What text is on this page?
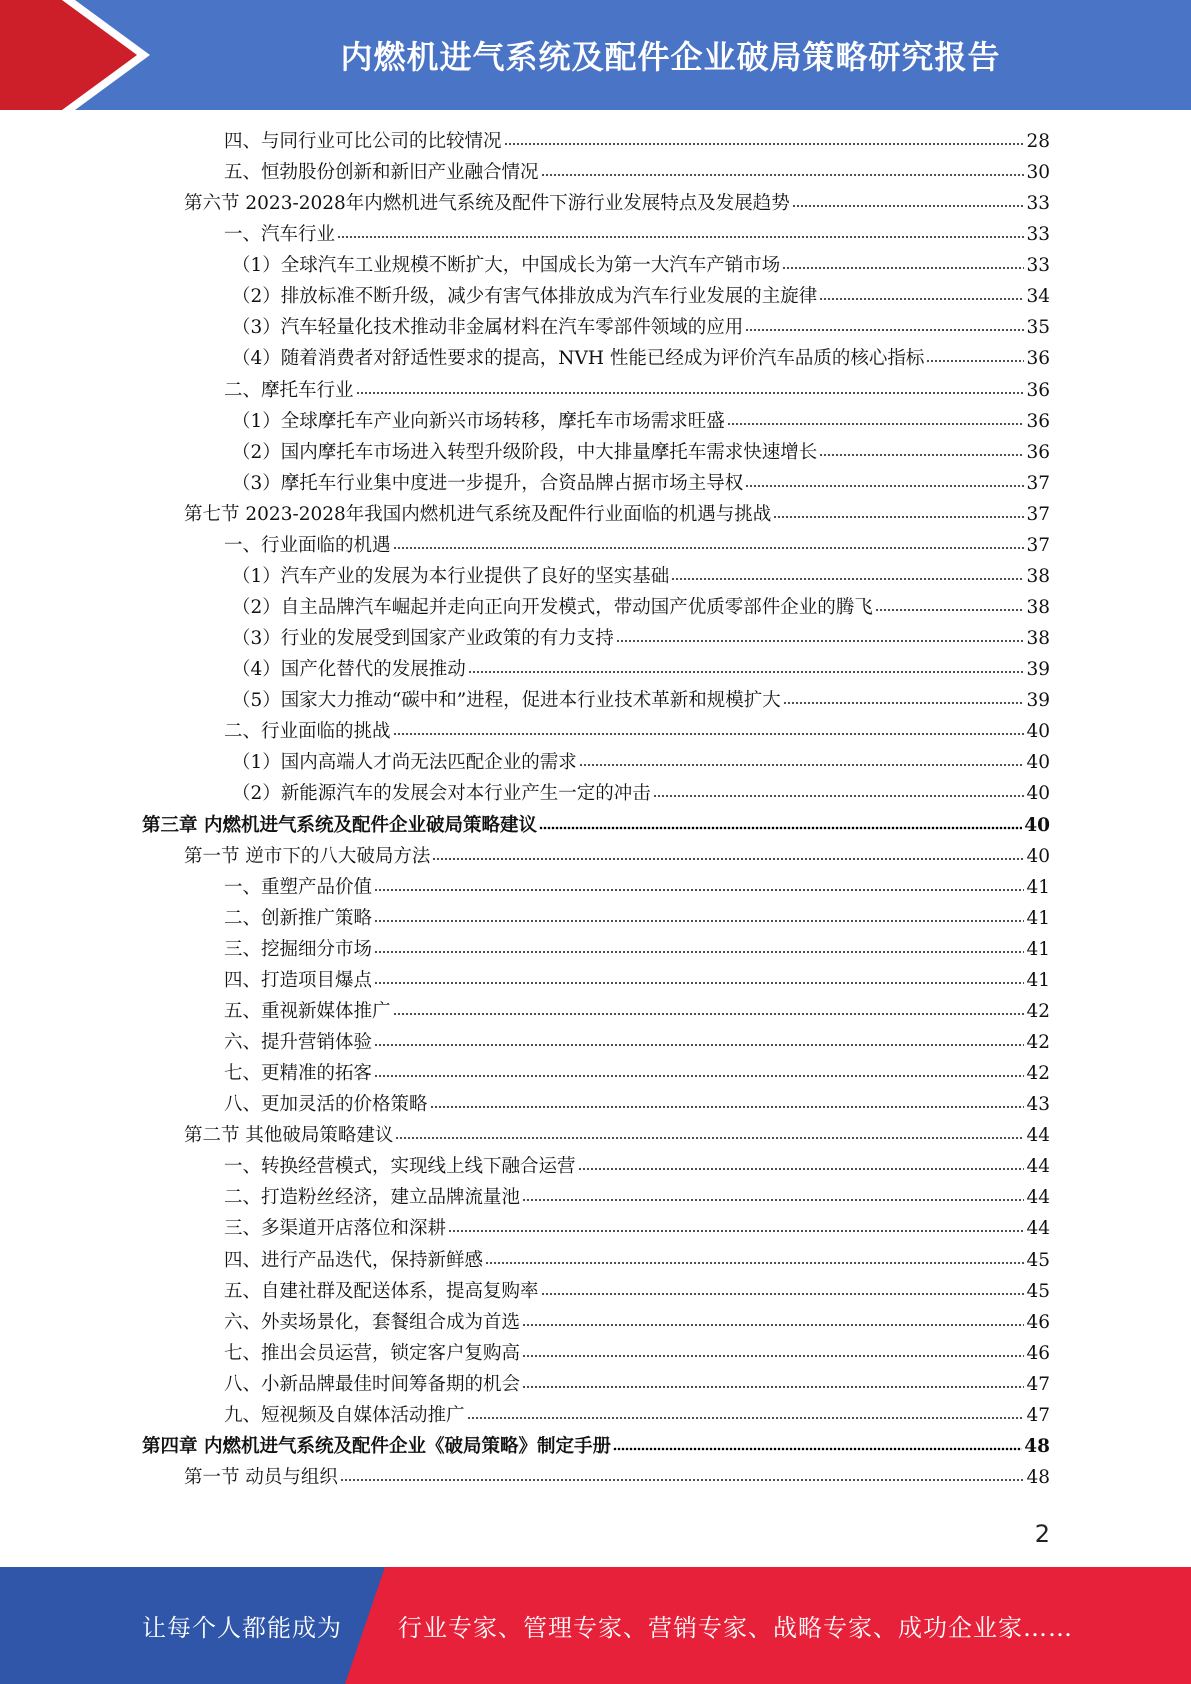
内燃机进气系统及配件企业破局策略研究报告
四、与同行业可比公司的比较情况	28
五、恒勃股份创新和新旧产业融合情况	30
第六节 2023-2028年内燃机进气系统及配件下游行业发展特点及发展趋势	33
一、汽车行业	33
（1）全球汽车工业规模不断扩大，中国成长为第一大汽车产销市场	33
（2）排放标准不断升级，减少有害气体排放成为汽车行业发展的主旋律	34
（3）汽车轻量化技术推动非金属材料在汽车零部件领域的应用	35
（4）随着消费者对舒适性要求的提高，NVH 性能已经成为评价汽车品质的核心指标	36
二、摩托车行业	36
（1）全球摩托车产业向新兴市场转移，摩托车市场需求旺盛	36
（2）国内摩托车市场进入转型升级阶段，中大排量摩托车需求快速增长	36
（3）摩托车行业集中度进一步提升，合资品牌占据市场主导权	37
第七节 2023-2028年我国内燃机进气系统及配件行业面临的机遇与挑战	37
一、行业面临的机遇	37
（1）汽车产业的发展为本行业提供了良好的坚实基础	38
（2）自主品牌汽车崛起并走向正向开发模式，带动国产优质零部件企业的腾飞	38
（3）行业的发展受到国家产业政策的有力支持	38
（4）国产化替代的发展推动	39
（5）国家大力推动“碳中和”进程，促进本行业技术革新和规模扩大	39
二、行业面临的挑战	40
（1）国内高端人才尚无法匹配企业的需求	40
（2）新能源汽车的发展会对本行业产生一定的冲击	40
第三章 内燃机进气系统及配件企业破局策略建议	40
第一节 逆市下的八大破局方法	40
一、重塑产品价值	41
二、创新推广策略	41
三、挖掘细分市场	41
四、打造项目爆点	41
五、重视新媒体推广	42
六、提升营销体验	42
七、更精准的拓客	42
八、更加灵活的价格策略	43
第二节 其他破局策略建议	44
一、转换经营模式，实现线上线下融合运营	44
二、打造粉丝经济，建立品牌流量池	44
三、多渠道开店落位和深耕	44
四、进行产品迭代，保持新鲜感	45
五、自建社群及配送体系，提高复购率	45
六、外卖场景化，套餐组合成为首选	46
七、推出会员运营，锁定客户复购高	46
八、小新品牌最佳时间筹备期的机会	47
九、短视频及自媒体活动推广	47
第四章 内燃机进气系统及配件企业《破局策略》制定手册	48
第一节 动员与组织	48
2
让每个人都能成为 行业专家、管理专家、营销专家、战略专家、成功企业家……
